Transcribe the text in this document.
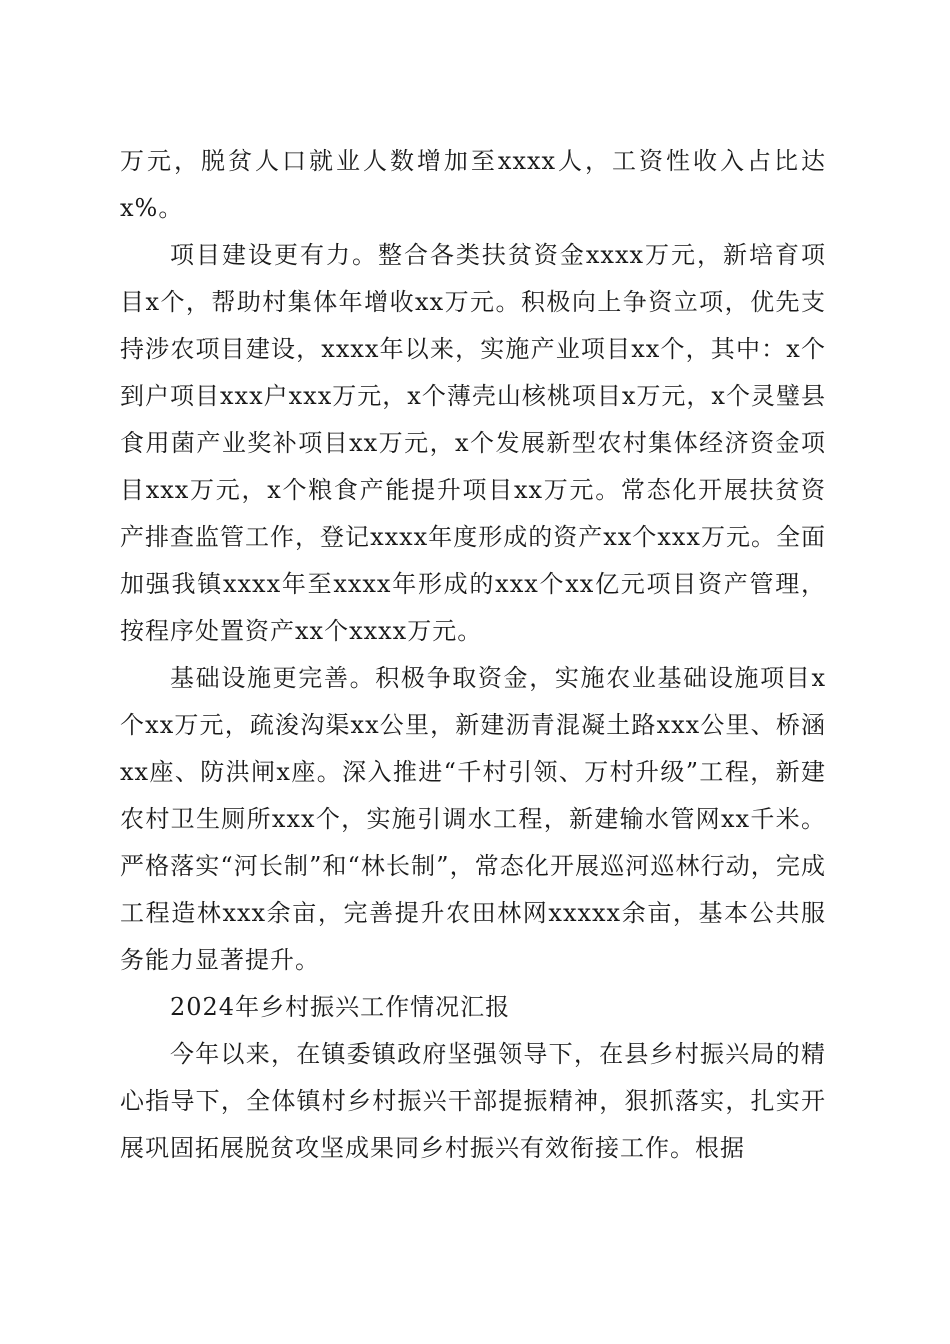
万元，脱贫人口就业人数增加至xxxx人，工资性收入占比达x%。

项目建设更有力。整合各类扶贫资金xxxx万元，新培育项目x个，帮助村集体年增收xx万元。积极向上争资立项，优先支持涉农项目建设，xxxx年以来，实施产业项目xx个，其中：x个到户项目xxx户xxx万元，x个薄壳山核桃项目x万元，x个灵璧县食用菌产业奖补项目xx万元，x个发展新型农村集体经济资金项目xxx万元，x个粮食产能提升项目xx万元。常态化开展扶贫资产排查监管工作，登记xxxx年度形成的资产xx个xxx万元。全面加强我镇xxxx年至xxxx年形成的xxx个xx亿元项目资产管理，按程序处置资产xx个xxxx万元。

基础设施更完善。积极争取资金，实施农业基础设施项目x个xx万元，疏浚沟渠xx公里，新建沥青混凝土路xxx公里、桥涵xx座、防洪闸x座。深入推进“千村引领、万村升级”工程，新建农村卫生厕所xxx个，实施引调水工程，新建输水管网xx千米。严格落实“河长制”和“林长制”，常态化开展巡河巡林行动，完成工程造林xxx余亩，完善提升农田林网xxxxx余亩，基本公共服务能力显著提升。

2024年乡村振兴工作情况汇报

今年以来，在镇委镇政府坚强领导下，在县乡村振兴局的精心指导下，全体镇村乡村振兴干部提振精神，狠抓落实，扎实开展巩固拓展脱贫攻坚成果同乡村振兴有效衔接工作。根据
